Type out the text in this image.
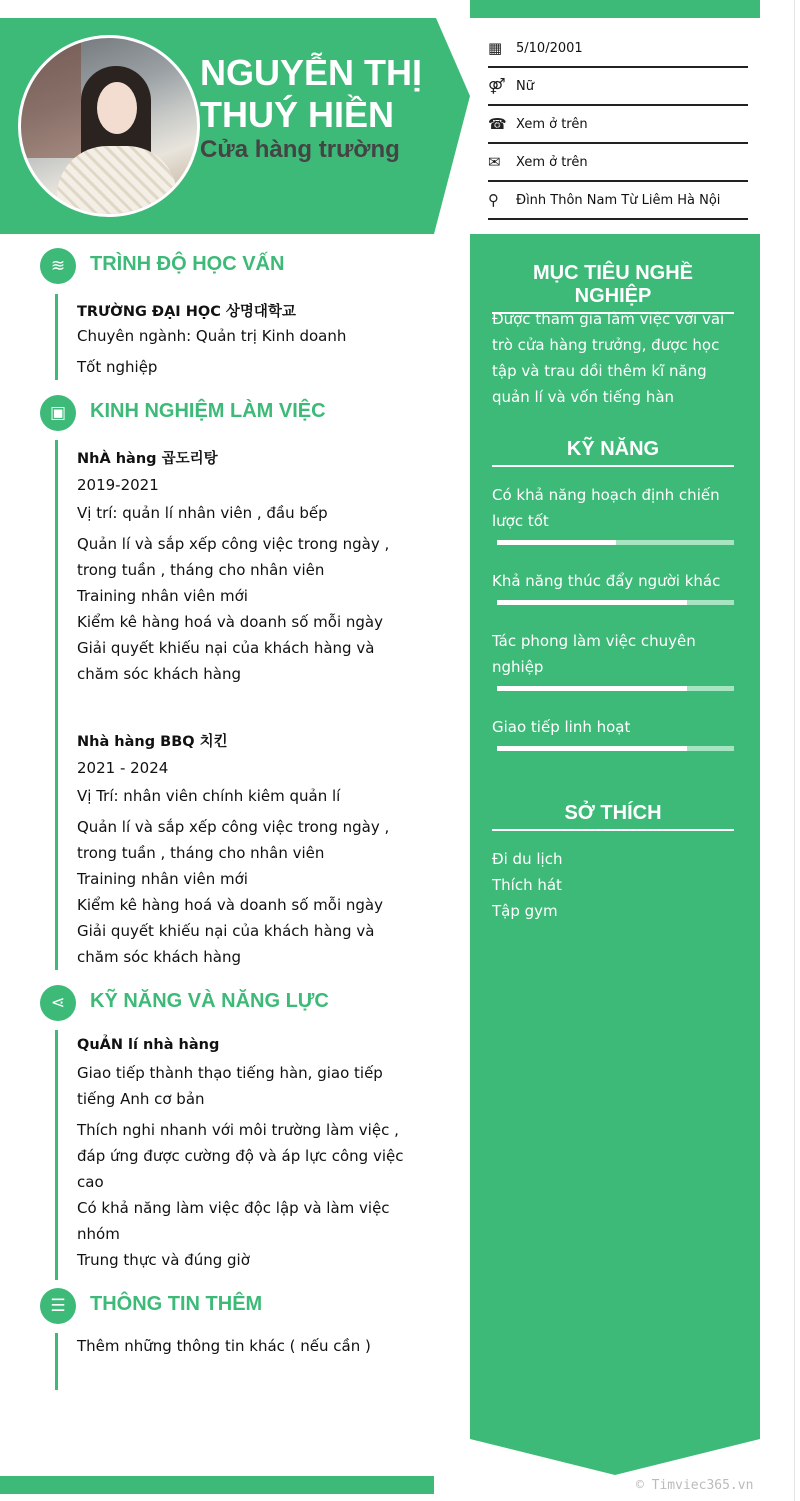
NGUYỄN THỊ THUÝ HIỀN
Cửa hàng trường
▦	5/10/2001
⚤ Nữ
☎ Xem ở trên
✉	Xem ở trên
⚲	Đình Thôn Nam Từ Liêm Hà Nội
MỤC TIÊU NGHỀ NGHIỆP
Được tham gia làm việc với vai trò cửa hàng trưởng, được học tập và trau dồi thêm kĩ năng quản lí và vốn tiếng hàn
KỸ NĂNG
Có khả năng hoạch định chiến lược tốt
Khả năng thúc đẩy người khác
Tác phong làm việc chuyên nghiệp
Giao tiếp linh hoạt
SỞ THÍCH
Đi du lịch
Thích hát
Tập gym
≋	TRÌNH ĐỘ HỌC VẤN
TRƯỜNG ĐẠI HỌC 상명대학교
Chuyên ngành: Quản trị Kinh doanh
Tốt nghiệp
▣	KINH NGHIỆM LÀM VIỆC
NhÀ hàng 곱도리탕
2019-2021
Vị trí: quản lí nhân viên , đầu bếp
Quản lí và sắp xếp công việc trong ngày , trong tuần , tháng cho nhân viên
Training nhân viên mới
Kiểm kê hàng hoá và doanh số mỗi ngày
Giải quyết khiếu nại của khách hàng và chăm sóc khách hàng
Nhà hàng BBQ 치킨
2021 - 2024
Vị Trí: nhân viên chính kiêm quản lí
Quản lí và sắp xếp công việc trong ngày , trong tuần , tháng cho nhân viên
Training nhân viên mới
Kiểm kê hàng hoá và doanh số mỗi ngày
Giải quyết khiếu nại của khách hàng và chăm sóc khách hàng
⋖	KỸ NĂNG VÀ NĂNG LỰC
QuẢN lí nhà hàng
Giao tiếp thành thạo tiếng hàn, giao tiếp tiếng Anh cơ bản
Thích nghi nhanh với môi trường làm việc , đáp ứng được cường độ và áp lực công việc cao
Có khả năng làm việc độc lập và làm việc nhóm
Trung thực và đúng giờ
☰	THÔNG TIN THÊM
Thêm những thông tin khác ( nếu cần )
© Timviec365.vn
